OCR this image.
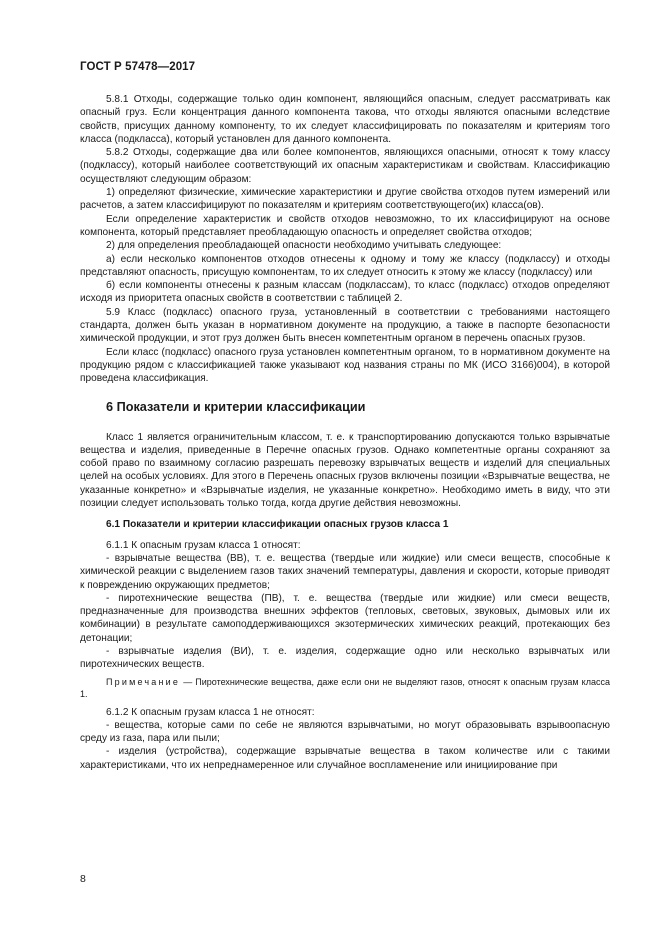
ГОСТ Р 57478—2017

5.8.1 Отходы, содержащие только один компонент, являющийся опасным, следует рассматривать как опасный груз. Если концентрация данного компонента такова, что отходы являются опасными вследствие свойств, присущих данному компоненту, то их следует классифицировать по показателям и критериям того класса (подкласса), который установлен для данного компонента.

5.8.2 Отходы, содержащие два или более компонентов, являющихся опасными, относят к тому классу (подклассу), который наиболее соответствующий их опасным характеристикам и свойствам. Классификацию осуществляют следующим образом:

1) определяют физические, химические характеристики и другие свойства отходов путем измерений или расчетов, а затем классифицируют по показателям и критериям соответствующего(их) класса(ов).

Если определение характеристик и свойств отходов невозможно, то их классифицируют на основе компонента, который представляет преобладающую опасность и определяет свойства отходов;

2) для определения преобладающей опасности необходимо учитывать следующее:

а) если несколько компонентов отходов отнесены к одному и тому же классу (подклассу) и отходы представляют опасность, присущую компонентам, то их следует относить к этому же классу (подклассу) или

б) если компоненты отнесены к разным классам (подклассам), то класс (подкласс) отходов определяют исходя из приоритета опасных свойств в соответствии с таблицей 2.

5.9 Класс (подкласс) опасного груза, установленный в соответствии с требованиями настоящего стандарта, должен быть указан в нормативном документе на продукцию, а также в паспорте безопасности химической продукции, и этот груз должен быть внесен компетентным органом в перечень опасных грузов.

Если класс (подкласс) опасного груза установлен компетентным органом, то в нормативном документе на продукцию рядом с классификацией также указывают код названия страны по МК (ИСО 3166)004), в которой проведена классификация.

6 Показатели и критерии классификации

Класс 1 является ограничительным классом, т. е. к транспортированию допускаются только взрывчатые вещества и изделия, приведенные в Перечне опасных грузов. Однако компетентные органы сохраняют за собой право по взаимному согласию разрешать перевозку взрывчатых веществ и изделий для специальных целей на особых условиях. Для этого в Перечень опасных грузов включены позиции «Взрывчатые вещества, не указанные конкретно» и «Взрывчатые изделия, не указанные конкретно». Необходимо иметь в виду, что эти позиции следует использовать только тогда, когда другие действия невозможны.

6.1 Показатели и критерии классификации опасных грузов класса 1

6.1.1 К опасным грузам класса 1 относят:

- взрывчатые вещества (ВВ), т. е. вещества (твердые или жидкие) или смеси веществ, способные к химической реакции с выделением газов таких значений температуры, давления и скорости, которые приводят к повреждению окружающих предметов;

- пиротехнические вещества (ПВ), т. е. вещества (твердые или жидкие) или смеси веществ, предназначенные для производства внешних эффектов (тепловых, световых, звуковых, дымовых или их комбинации) в результате самоподдерживающихся экзотермических химических реакций, протекающих без детонации;

- взрывчатые изделия (ВИ), т. е. изделия, содержащие одно или несколько взрывчатых или пиротехнических веществ.

Примечание — Пиротехнические вещества, даже если они не выделяют газов, относят к опасным грузам класса 1.

6.1.2 К опасным грузам класса 1 не относят:

- вещества, которые сами по себе не являются взрывчатыми, но могут образовывать взрывоопасную среду из газа, пара или пыли;

- изделия (устройства), содержащие взрывчатые вещества в таком количестве или с такими характеристиками, что их непреднамеренное или случайное воспламенение или инициирование при

8
